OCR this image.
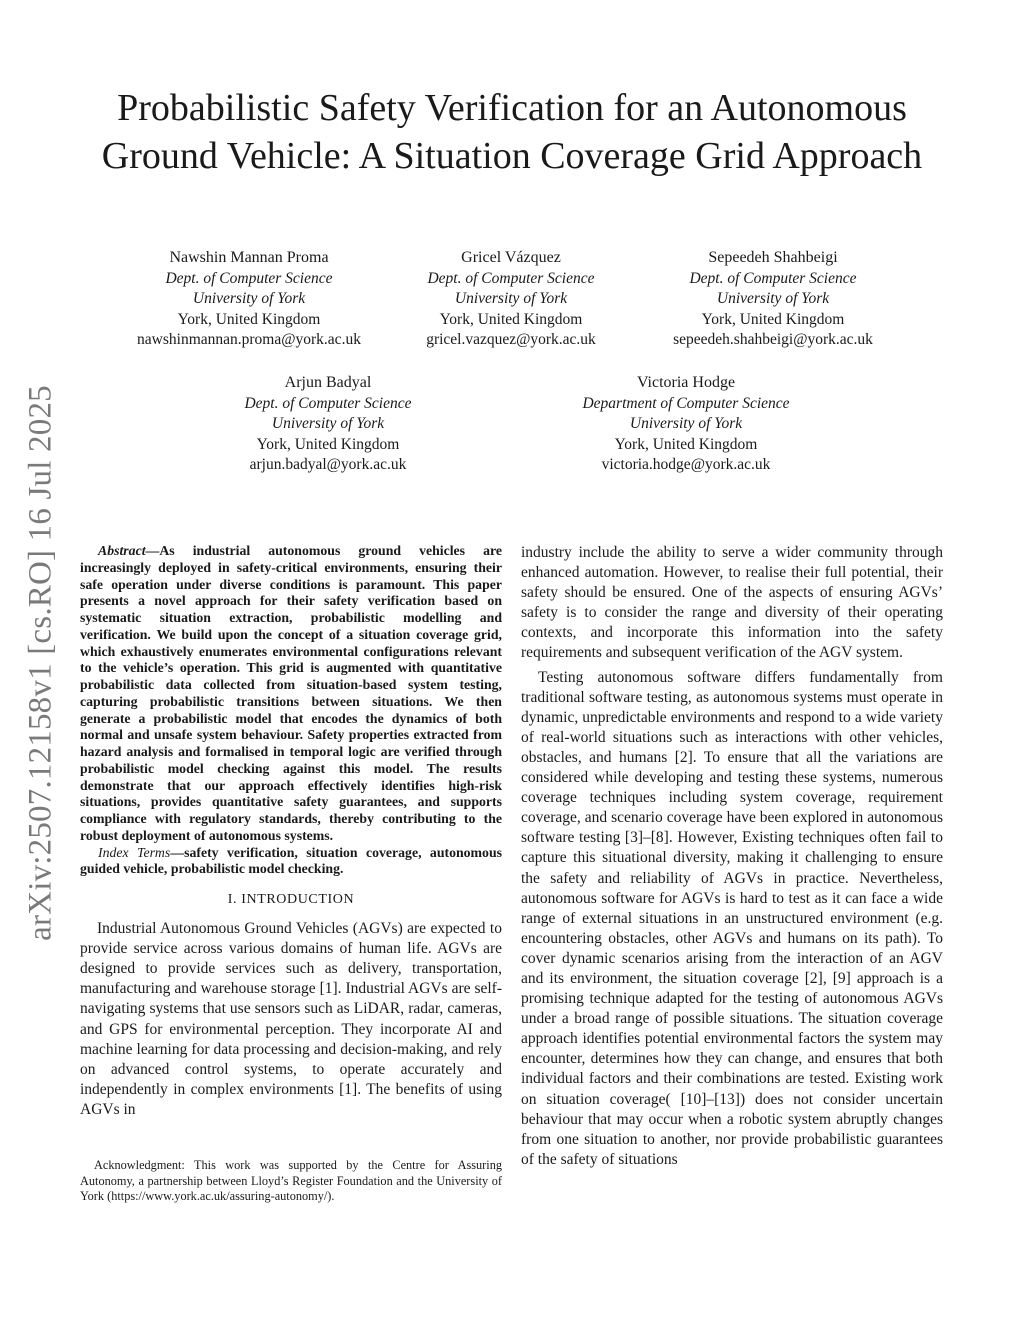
arXiv:2507.12158v1 [cs.RO] 16 Jul 2025
Probabilistic Safety Verification for an Autonomous Ground Vehicle: A Situation Coverage Grid Approach
Nawshin Mannan Proma
Dept. of Computer Science
University of York
York, United Kingdom
nawshinmannan.proma@york.ac.uk
Gricel Vázquez
Dept. of Computer Science
University of York
York, United Kingdom
gricel.vazquez@york.ac.uk
Sepeedeh Shahbeigi
Dept. of Computer Science
University of York
York, United Kingdom
sepeedeh.shahbeigi@york.ac.uk
Arjun Badyal
Dept. of Computer Science
University of York
York, United Kingdom
arjun.badyal@york.ac.uk
Victoria Hodge
Department of Computer Science
University of York
York, United Kingdom
victoria.hodge@york.ac.uk

Abstract—As industrial autonomous ground vehicles are increasingly deployed in safety-critical environments, ensuring their safe operation under diverse conditions is paramount. This paper presents a novel approach for their safety verification based on systematic situation extraction, probabilistic modelling and verification. We build upon the concept of a situation coverage grid, which exhaustively enumerates environmental configurations relevant to the vehicle’s operation. This grid is augmented with quantitative probabilistic data collected from situation-based system testing, capturing probabilistic transitions between situations. We then generate a probabilistic model that encodes the dynamics of both normal and unsafe system behaviour. Safety properties extracted from hazard analysis and formalised in temporal logic are verified through probabilistic model checking against this model. The results demonstrate that our approach effectively identifies high-risk situations, provides quantitative safety guarantees, and supports compliance with regulatory standards, thereby contributing to the robust deployment of autonomous systems.

Index Terms—safety verification, situation coverage, autonomous guided vehicle, probabilistic model checking.

I. INTRODUCTION

Industrial Autonomous Ground Vehicles (AGVs) are expected to provide service across various domains of human life. AGVs are designed to provide services such as delivery, transportation, manufacturing and warehouse storage [1]. Industrial AGVs are self-navigating systems that use sensors such as LiDAR, radar, cameras, and GPS for environmental perception. They incorporate AI and machine learning for data processing and decision-making, and rely on advanced control systems, to operate accurately and independently in complex environments [1]. The benefits of using AGVs in

Acknowledgment: This work was supported by the Centre for Assuring Autonomy, a partnership between Lloyd’s Register Foundation and the University of York (https://www.york.ac.uk/assuring-autonomy/).

industry include the ability to serve a wider community through enhanced automation. However, to realise their full potential, their safety should be ensured. One of the aspects of ensuring AGVs’ safety is to consider the range and diversity of their operating contexts, and incorporate this information into the safety requirements and subsequent verification of the AGV system.

Testing autonomous software differs fundamentally from traditional software testing, as autonomous systems must operate in dynamic, unpredictable environments and respond to a wide variety of real-world situations such as interactions with other vehicles, obstacles, and humans [2]. To ensure that all the variations are considered while developing and testing these systems, numerous coverage techniques including system coverage, requirement coverage, and scenario coverage have been explored in autonomous software testing [3]–[8]. However, Existing techniques often fail to capture this situational diversity, making it challenging to ensure the safety and reliability of AGVs in practice. Nevertheless, autonomous software for AGVs is hard to test as it can face a wide range of external situations in an unstructured environment (e.g. encountering obstacles, other AGVs and humans on its path). To cover dynamic scenarios arising from the interaction of an AGV and its environment, the situation coverage [2], [9] approach is a promising technique adapted for the testing of autonomous AGVs under a broad range of possible situations. The situation coverage approach identifies potential environmental factors the system may encounter, determines how they can change, and ensures that both individual factors and their combinations are tested. Existing work on situation coverage( [10]–[13]) does not consider uncertain behaviour that may occur when a robotic system abruptly changes from one situation to another, nor provide probabilistic guarantees of the safety of situations
